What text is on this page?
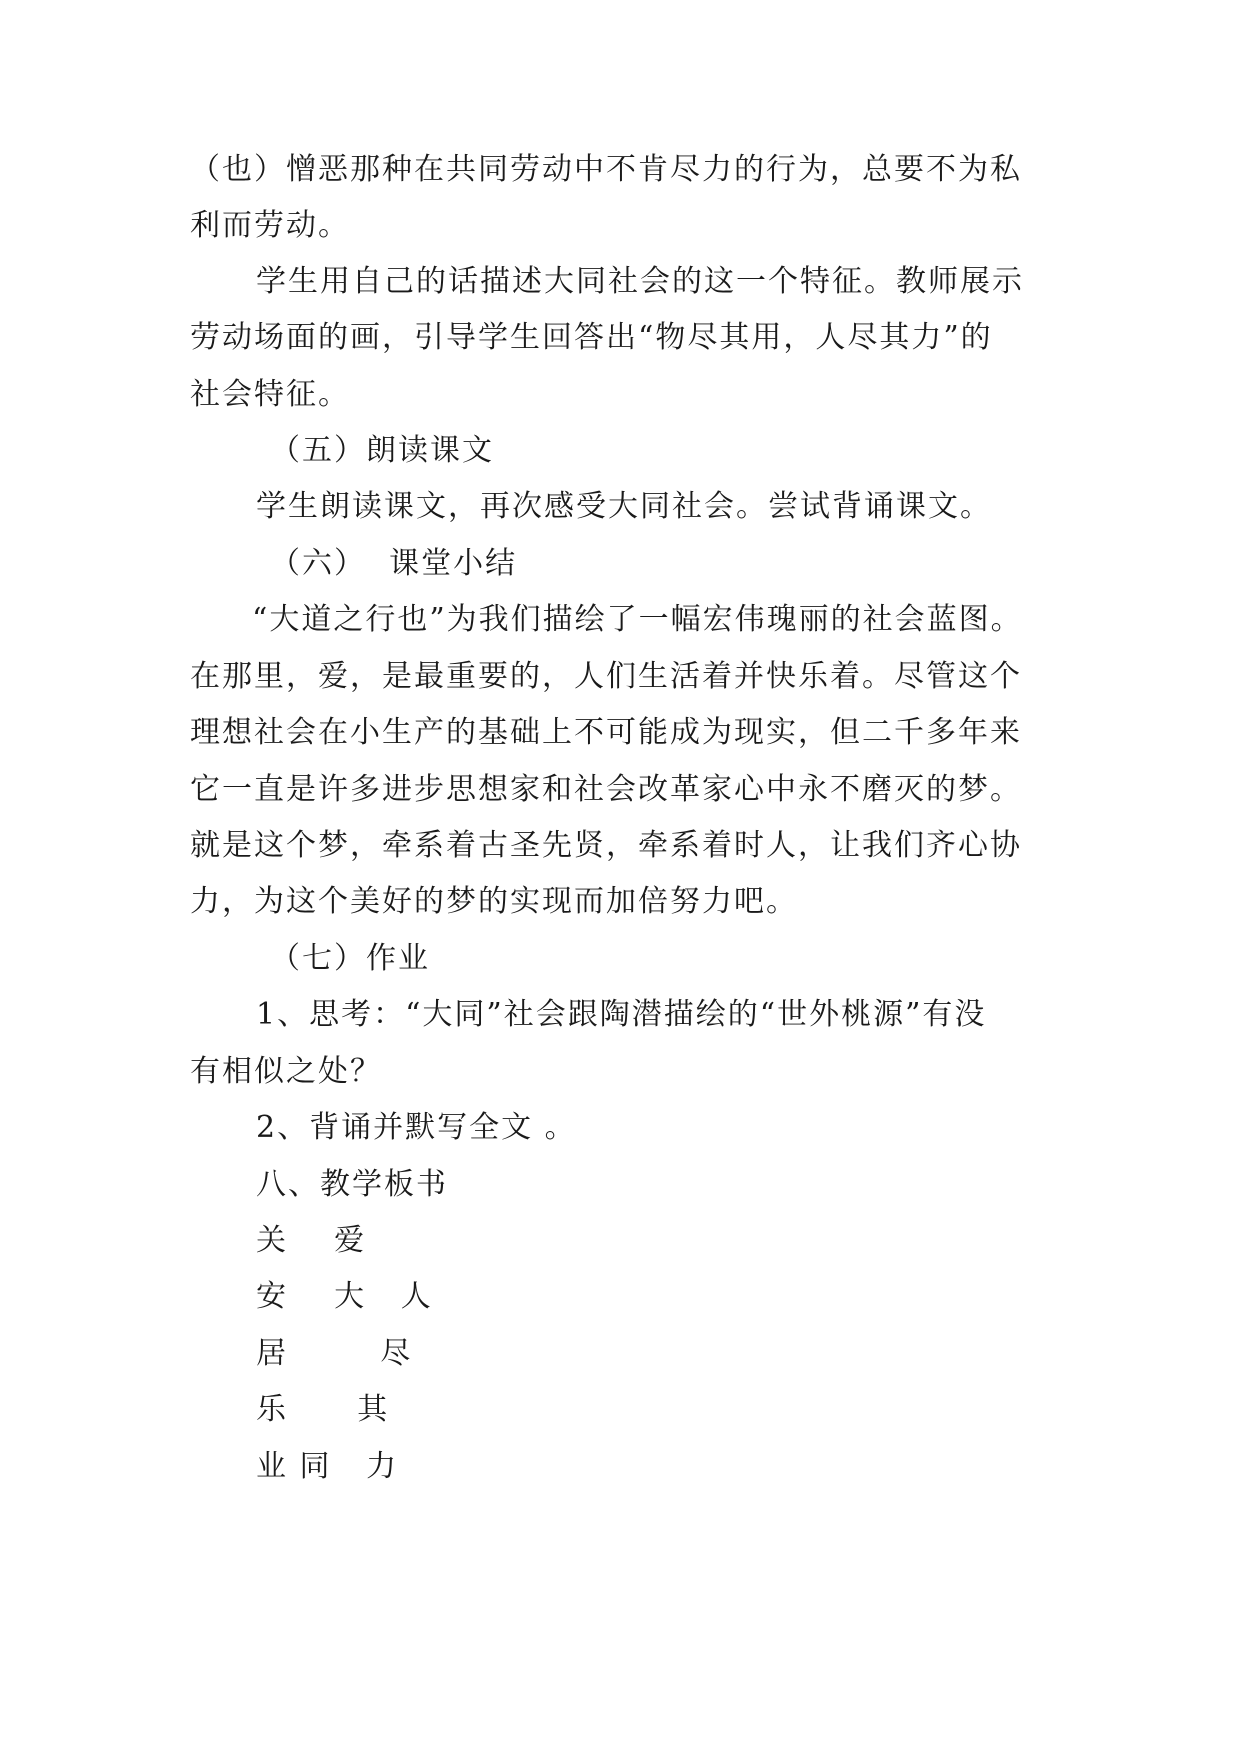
（也）憎恶那种在共同劳动中不肯尽力的行为，总要不为私

利而劳动。

学生用自己的话描述大同社会的这一个特征。教师展示

劳动场面的画，引导学生回答出“物尽其用，人尽其力”的

社会特征。

（五）朗读课文

学生朗读课文，再次感受大同社会。尝试背诵课文。

（六）  课堂小结

“大道之行也”为我们描绘了一幅宏伟瑰丽的社会蓝图。

在那里，爱，是最重要的，人们生活着并快乐着。尽管这个

理想社会在小生产的基础上不可能成为现实，但二千多年来

它一直是许多进步思想家和社会改革家心中永不磨灭的梦。

就是这个梦，牵系着古圣先贤，牵系着时人，让我们齐心协

力，为这个美好的梦的实现而加倍努力吧。

（七）作业

1、思考：“大同”社会跟陶潜描绘的“世外桃源”有没

有相似之处？

2、背诵并默写全文 。

八、教学板书

关    爱

安    大   人

居        尽

乐      其

业 同   力
